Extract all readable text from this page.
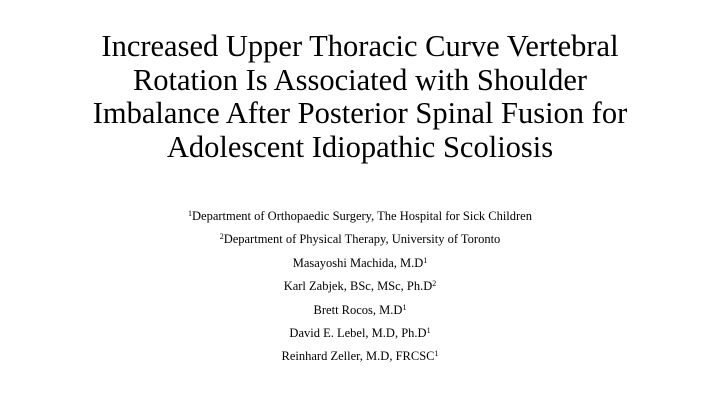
Increased Upper Thoracic Curve Vertebral
Rotation Is Associated with Shoulder
Imbalance After Posterior Spinal Fusion for
Adolescent Idiopathic Scoliosis
$^1$Department of Orthopaedic Surgery, The Hospital for Sick Children
$^2$Department of Physical Therapy, University of Toronto
Masayoshi Machida, $M.D^1$
Karl Zabjek, BSc, MSc, $Ph.D^2$
Brett Rocos, $M.D^1$
David E. Lebel, M.D, $Ph.D^1$
Reinhard Zeller, M.D, FRCSC$^1$
